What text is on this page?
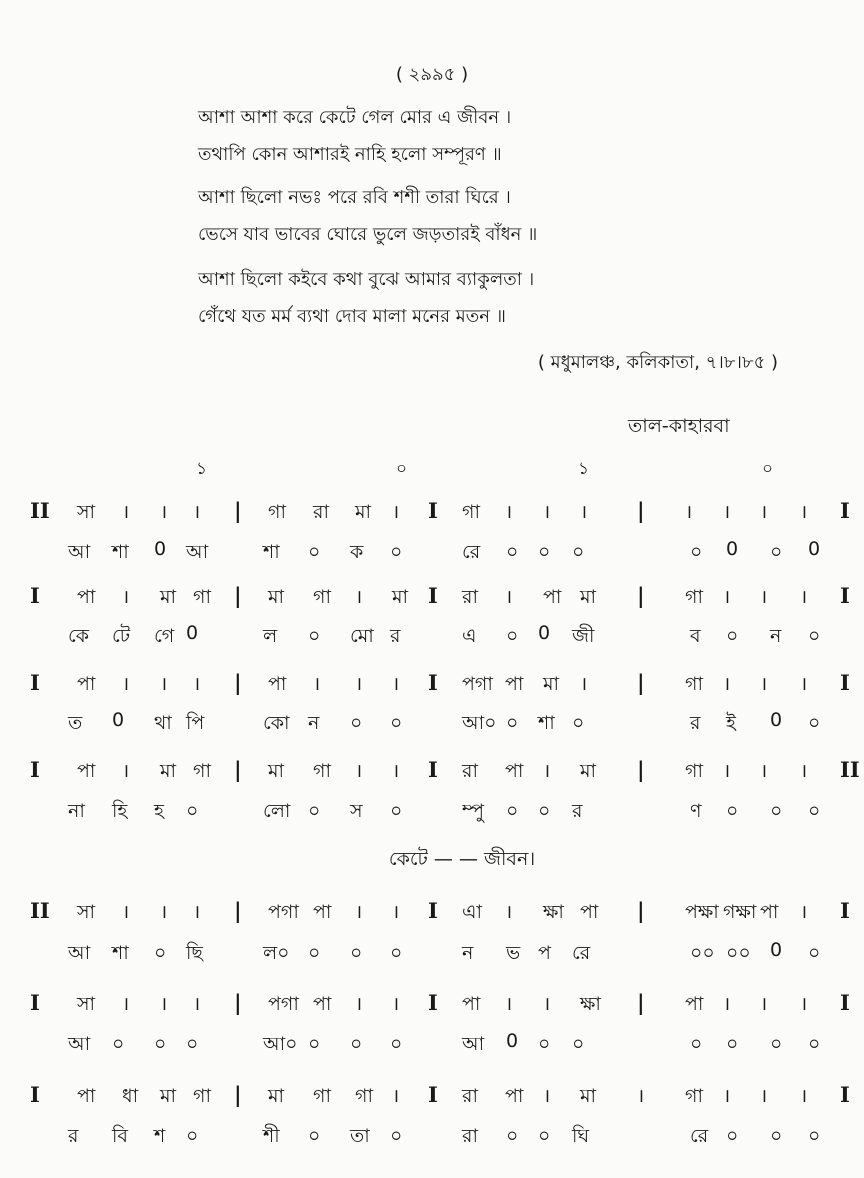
( ২৯৯৫ )
আশা আশা করে কেটে গেল মোর এ জীবন ।
তথাপি কোন আশারই নাহি হলো সম্পূরণ ॥
আশা ছিলো নভঃ পরে রবি শশী তারা ঘিরে ।
ভেসে যাব ভাবের ঘোরে ভুলে জড়তারই বাঁধন ॥
আশা ছিলো কইবে কথা বুঝে আমার ব্যাকুলতা ।
গেঁথে যত মর্ম ব্যথা দোব মালা মনের মতন ॥
( মধুমালঞ্চ, কলিকাতা, ৭।৮।৮৫ )
তাল-কাহারবা
১	০	১	০
II সা । । । | গা রা মা । I গা । । । | । । । । I
আ শা 0 আ	শা ০ ক ০	রে ০ ০ ০	০ 0 ০ 0
I পা । মা গা | মা গা । মা I রা । পা মা | গা । । । I
কে টে গে 0	ল ০ মো র	এ ০ 0 জী	ব ০ ন ০
I পা । । । | পা । । । I পগা পা মা । | গা । । । I
ত 0 থা পি	কো ন ০ ০	আ০ ০ শা ০	র ই 0 ০
I পা । মা গা | মা গা । । I রা পা । মা | গা । । । II
না হি হ ০	লো ০ স ০	ম্পু ০ ০ র	ণ ০ ০ ০
কেটে — — জীবন।
II সা । । । | পগা পা । । I এা । ক্ষা পা | পক্ষা গক্ষা পা । I
আ শা ০ ছি	ল০ ০ ০ ০	ন ভ প রে	০০ ০০ 0 ০
I সা । । । | পগা পা । । I পা । । ক্ষা | পা । । । I
আ ০ ০ ০	আ০ ০ ০ ০	আ 0 ০ ০	০ ০ ০ ০
I পা ধা মা গা | মা গা গা । I রা পা । মা । গা । । । I
র বি শ ০	শী ০ তা ০	রা ০ ০ ঘি	রে ০ ০ ০
